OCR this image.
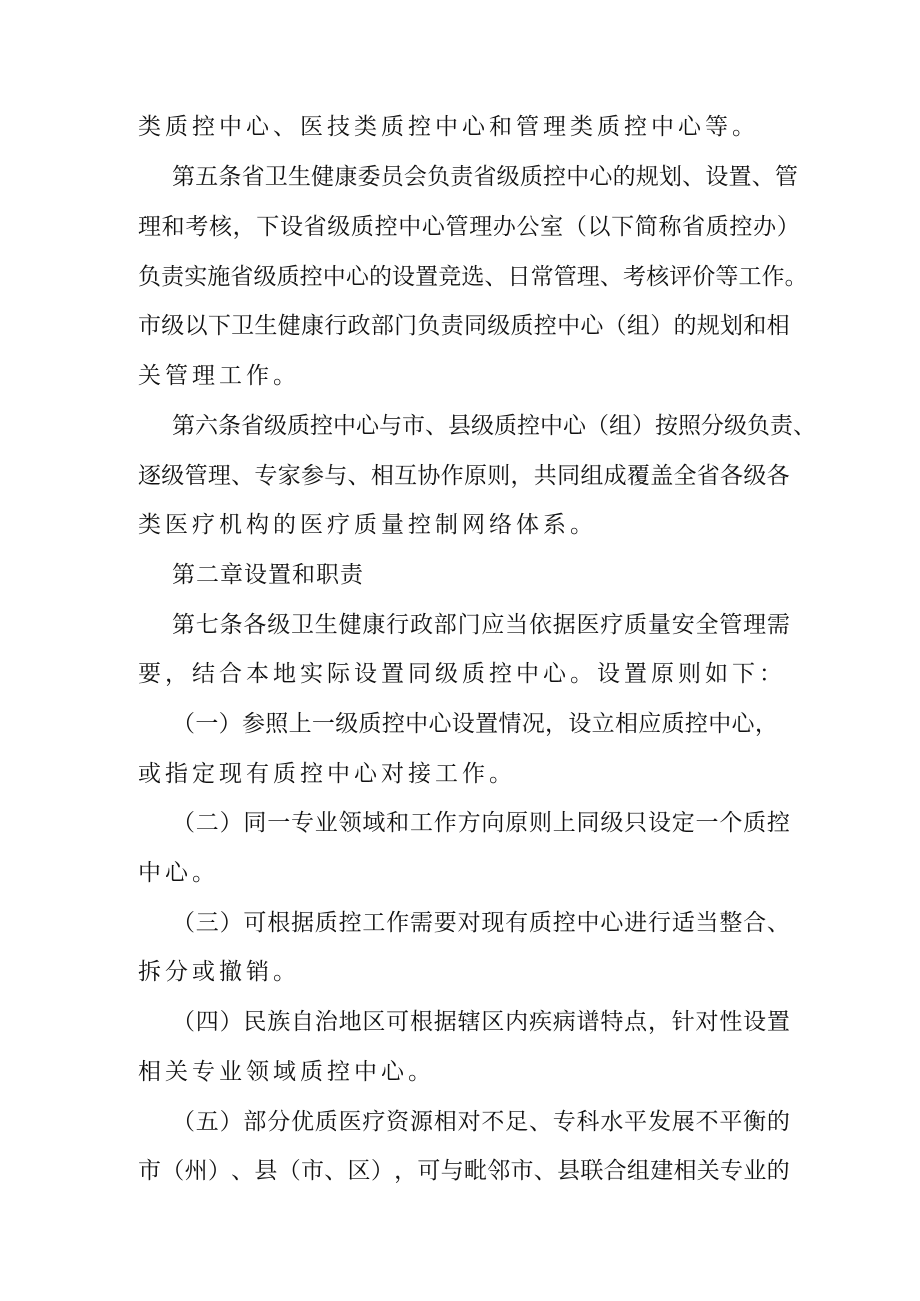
类质控中心、医技类质控中心和管理类质控中心等。
第 五 条 省 卫 生 健 康 委 员 会 负 责 省 级 质 控 中 心 的 规 划 、 设 置 、 管
理 和 考 核 ， 下 设 省 级 质 控 中 心 管 理 办 公 室 （ 以 下 简 称 省 质 控 办 ）
负 责 实 施 省 级 质 控 中 心 的 设 置 竞 选 、 日 常 管 理 、 考 核 评 价 等 工 作 。
市 级 以 下 卫 生 健 康 行 政 部 门 负 责 同 级 质 控 中 心 （ 组 ） 的 规 划 和 相
关管理工作。
第 六 条 省 级 质 控 中 心 与 市 、 县 级 质 控 中 心 （ 组 ） 按 照 分 级 负 责 、
逐 级 管 理 、 专 家 参 与 、 相 互 协 作 原 则 ， 共 同 组 成 覆 盖 全 省 各 级 各
类医疗机构的医疗质量控制网络体系。
第二章设置和职责
第 七 条 各 级 卫 生 健 康 行 政 部 门 应 当 依 据 医 疗 质 量 安 全 管 理 需
要，结合本地实际设置同级质控中心。设置原则如下：
（ 一 ） 参 照 上 一 级 质 控 中 心 设 置 情 况 ， 设 立 相 应 质 控 中 心 ，
或指定现有质控中心对接工作。
（ 二 ） 同 一 专 业 领 域 和 工 作 方 向 原 则 上 同 级 只 设 定 一 个 质 控
中心。
（ 三 ） 可 根 据 质 控 工 作 需 要 对 现 有 质 控 中 心 进 行 适 当 整 合 、
拆分或撤销。
（ 四 ） 民 族 自 治 地 区 可 根 据 辖 区 内 疾 病 谱 特 点 ， 针 对 性 设 置
相关专业领域质控中心。
（ 五 ） 部 分 优 质 医 疗 资 源 相 对 不 足 、 专 科 水 平 发 展 不 平 衡 的
市 （ 州 ） 、 县 （ 市 、 区 ） ， 可 与 毗 邻 市 、 县 联 合 组 建 相 关 专 业 的
